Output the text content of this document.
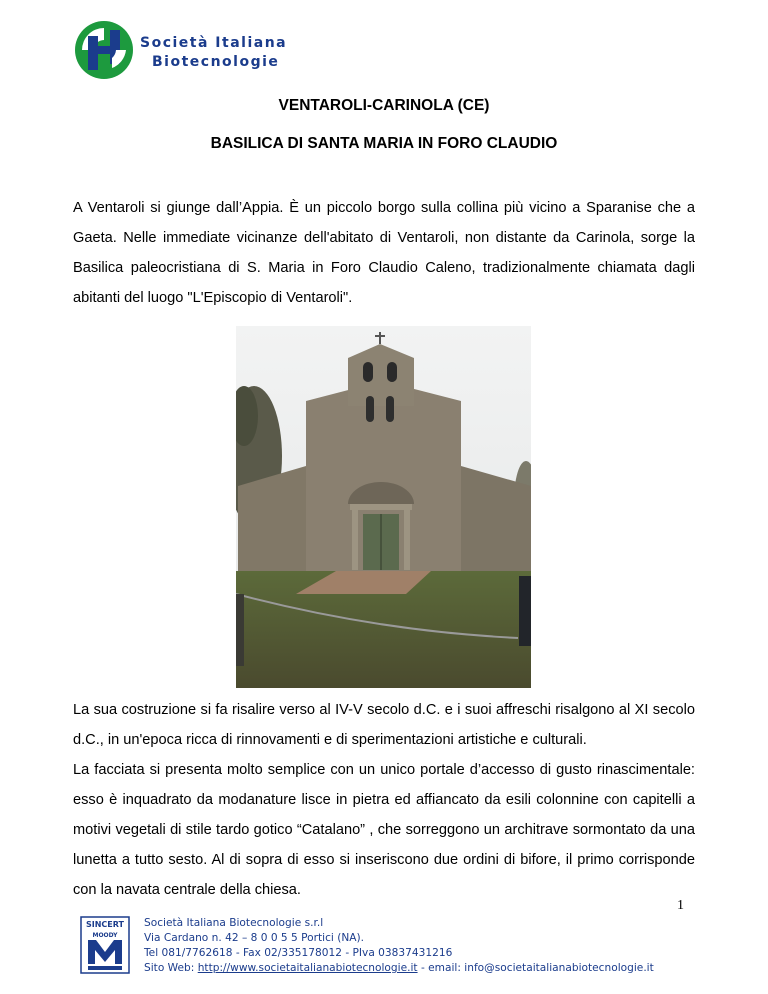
Società Italiana
Biotecnologie
VENTAROLI-CARINOLA (CE)
BASILICA DI SANTA MARIA IN FORO CLAUDIO
A Ventaroli si giunge dall’Appia. È un piccolo borgo sulla collina più vicino a Sparanise che a Gaeta. Nelle immediate vicinanze dell'abitato di Ventaroli, non distante da Carinola, sorge la Basilica paleocristiana di S. Maria in Foro Claudio Caleno, tradizionalmente chiamata dagli abitanti del luogo "L'Episcopio di Ventaroli".
La sua costruzione si fa risalire verso al IV-V secolo d.C. e i suoi affreschi risalgono al XI secolo d.C., in un'epoca ricca di rinnovamenti e di sperimentazioni artistiche e culturali.
La facciata si presenta molto semplice con un unico portale d’accesso di gusto rinascimentale: esso è inquadrato da modanature lisce in pietra ed affiancato da esili colonnine con capitelli a motivi vegetali di stile tardo gotico “Catalano” , che sorreggono un architrave sormontato da una lunetta a tutto sesto. Al di sopra di esso si inseriscono due ordini di bifore, il primo corrisponde con la navata centrale della chiesa.
1
SINCERT
MOODY
Società Italiana Biotecnologie s.r.l
Via Cardano n. 42 – 8 0 0 5 5 Portici (NA).
Tel 081/7762618 - Fax 02/335178012 - PIva 03837431216
Sito Web: http://www.societaitalianabiotecnologie.it - email: info@societaitalianabiotecnologie.it
